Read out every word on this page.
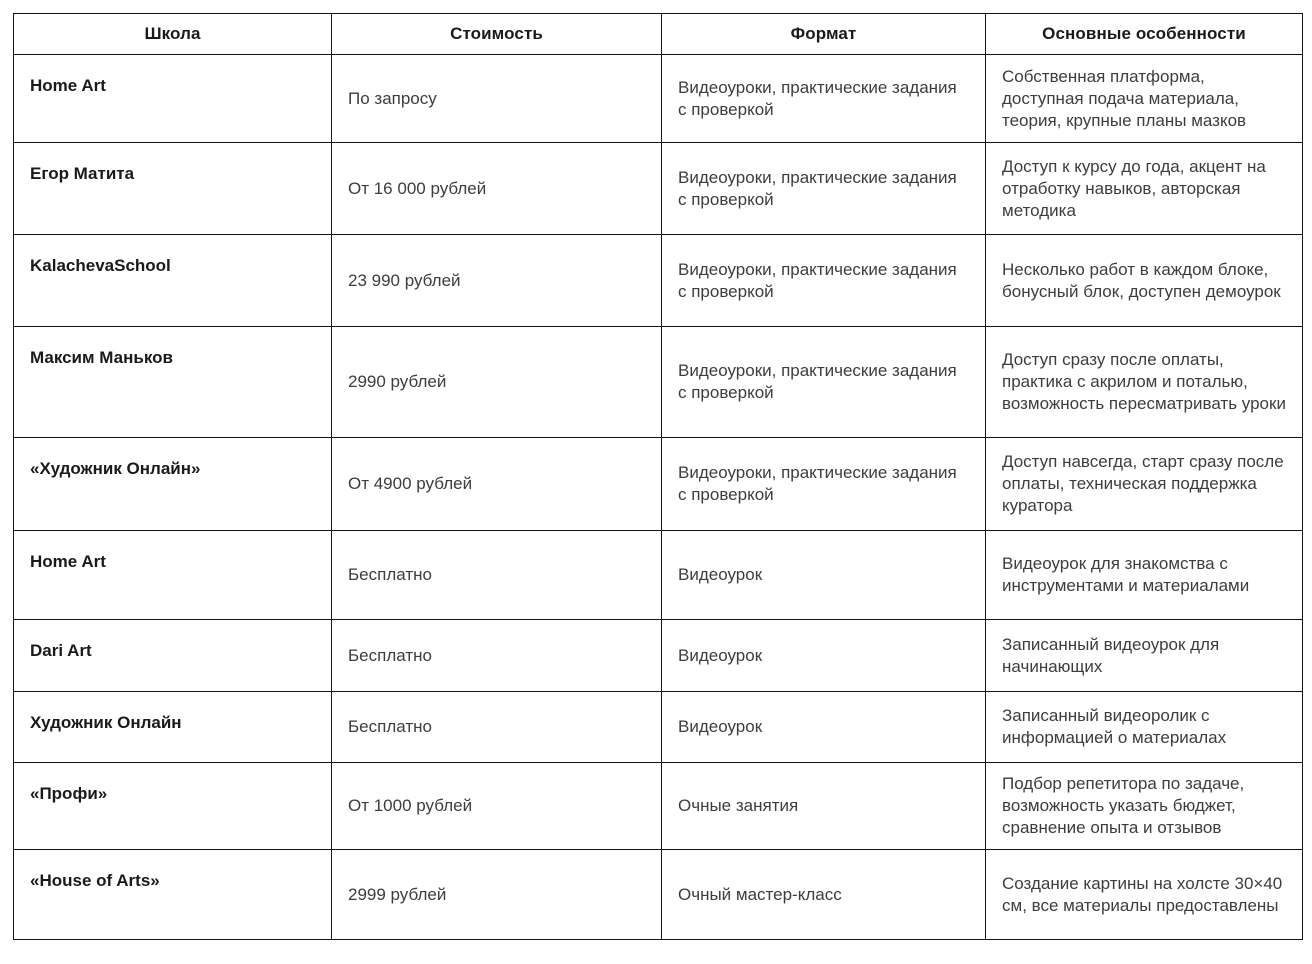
Школа	Стоимость	Формат	Основные особенности
Home Art	По запросу	Видеоуроки, практические задания с проверкой	Собственная платформа, доступная подача материала, теория, крупные планы мазков
Егор Матита	От 16 000 рублей	Видеоуроки, практические задания с проверкой	Доступ к курсу до года, акцент на отработку навыков, авторская методика
KalachevaSchool	23 990 рублей	Видеоуроки, практические задания с проверкой	Несколько работ в каждом блоке, бонусный блок, доступен демоурок
Максим Маньков	2990 рублей	Видеоуроки, практические задания с проверкой	Доступ сразу после оплаты, практика с акрилом и поталью, возможность пересматривать уроки
«Художник Онлайн»	От 4900 рублей	Видеоуроки, практические задания с проверкой	Доступ навсегда, старт сразу после оплаты, техническая поддержка куратора
Home Art	Бесплатно	Видеоурок	Видеоурок для знакомства с инструментами и материалами
Dari Art	Бесплатно	Видеоурок	Записанный видеоурок для начинающих
Художник Онлайн	Бесплатно	Видеоурок	Записанный видеоролик с информацией о материалах
«Профи»	От 1000 рублей	Очные занятия	Подбор репетитора по задаче, возможность указать бюджет, сравнение опыта и отзывов
«House of Arts»	2999 рублей	Очный мастер-класс	Создание картины на холсте 30×40 см, все материалы предоставлены
